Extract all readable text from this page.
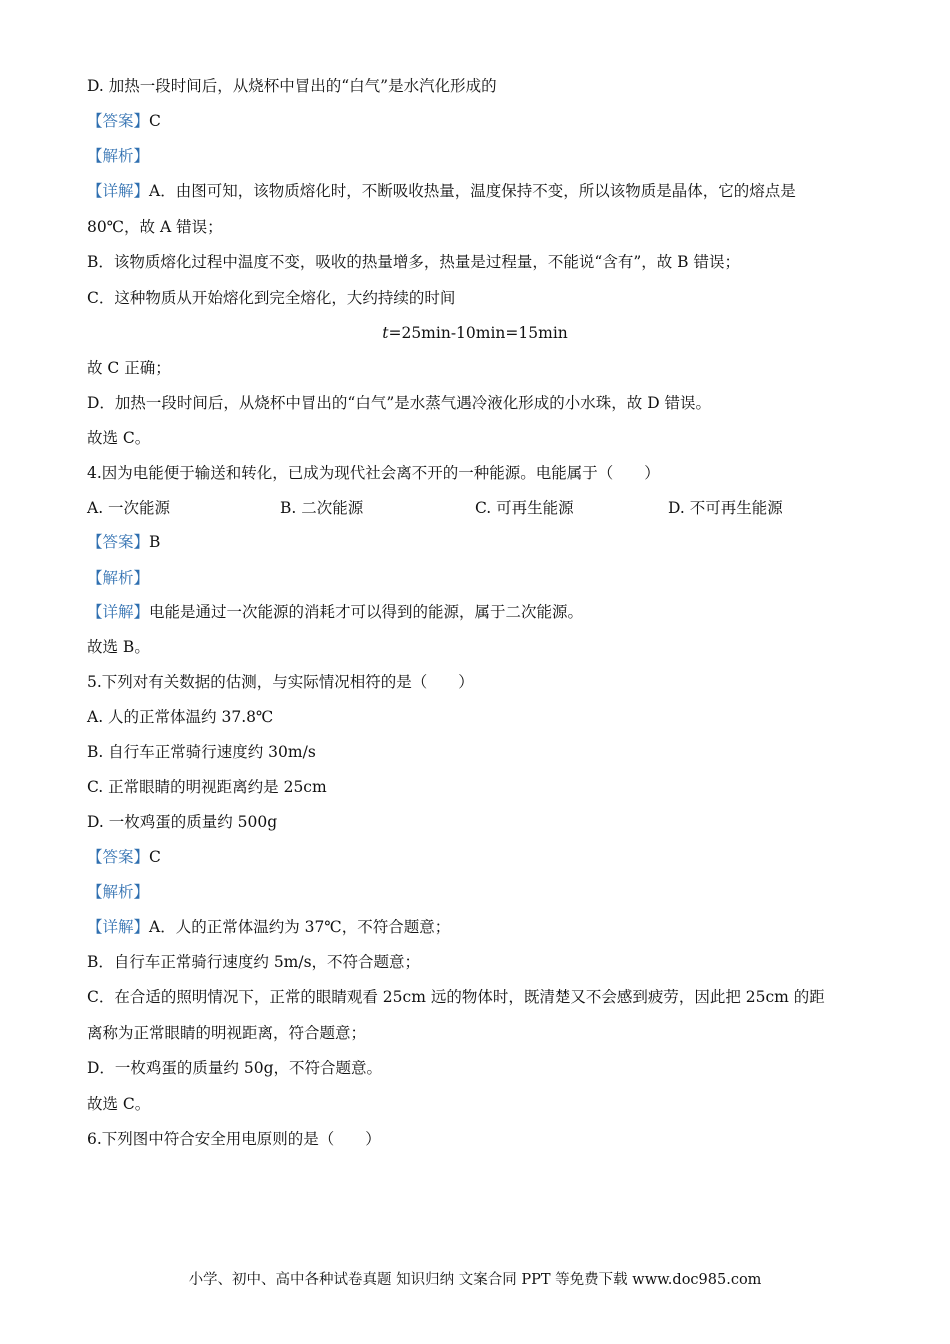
D. 加热一段时间后，从烧杯中冒出的“白气”是水汽化形成的
【答案】C
【解析】
【详解】A．由图可知，该物质熔化时，不断吸收热量，温度保持不变，所以该物质是晶体，它的熔点是
80℃，故 A 错误；
B．该物质熔化过程中温度不变，吸收的热量增多，热量是过程量，不能说“含有”，故 B 错误；
C．这种物质从开始熔化到完全熔化，大约持续的时间
t=25min-10min=15min
故 C 正确；
D．加热一段时间后，从烧杯中冒出的“白气”是水蒸气遇冷液化形成的小水珠，故 D 错误。
故选 C。
4.因为电能便于输送和转化，已成为现代社会离不开的一种能源。电能属于（　　）
A. 一次能源	B. 二次能源	C. 可再生能源	D. 不可再生能源
【答案】B
【解析】
【详解】电能是通过一次能源的消耗才可以得到的能源，属于二次能源。
故选 B。
5.下列对有关数据的估测，与实际情况相符的是（　　）
A. 人的正常体温约 37.8℃
B. 自行车正常骑行速度约 30m/s
C. 正常眼睛的明视距离约是 25cm
D. 一枚鸡蛋的质量约 500g
【答案】C
【解析】
【详解】A．人的正常体温约为 37℃，不符合题意；
B．自行车正常骑行速度约 5m/s，不符合题意；
C．在合适的照明情况下，正常的眼睛观看 25cm 远的物体时，既清楚又不会感到疲劳，因此把 25cm 的距
离称为正常眼睛的明视距离，符合题意；
D．一枚鸡蛋的质量约 50g，不符合题意。
故选 C。
6.下列图中符合安全用电原则的是（　　）
小学、初中、高中各种试卷真题 知识归纳 文案合同 PPT 等免费下载 www.doc985.com
